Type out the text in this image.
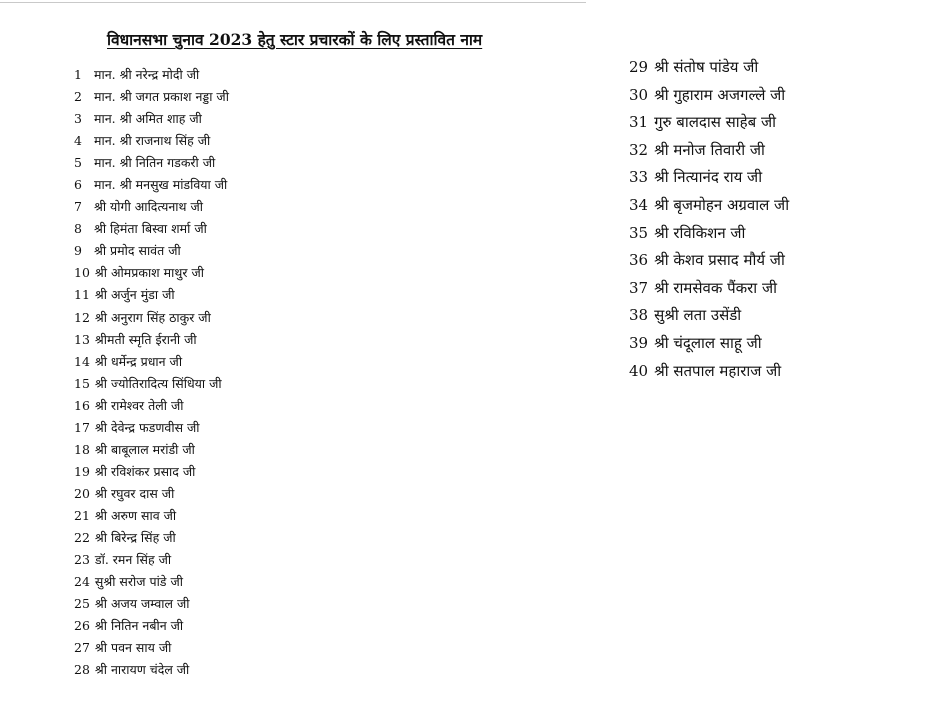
विधानसभा चुनाव 2023 हेतु स्टार प्रचारकों के लिए प्रस्तावित नाम
1 मान. श्री नरेन्द्र मोदी जी
2 मान. श्री जगत प्रकाश नड्डा जी
3 मान. श्री अमित शाह जी
4 मान. श्री राजनाथ सिंह जी
5 मान. श्री नितिन गडकरी जी
6 मान. श्री मनसुख मांडविया जी
7 श्री योगी आदित्यनाथ जी
8 श्री हिमंता बिस्वा शर्मा जी
9 श्री प्रमोद सावंत जी
10 श्री ओमप्रकाश माथुर जी
11 श्री अर्जुन मुंडा जी
12 श्री अनुराग सिंह ठाकुर जी
13 श्रीमती स्मृति ईरानी जी
14 श्री धर्मेन्द्र प्रधान जी
15 श्री ज्योतिरादित्य सिंधिया जी
16 श्री रामेश्वर तेली जी
17 श्री देवेन्द्र फडणवीस जी
18 श्री बाबूलाल मरांडी जी
19 श्री रविशंकर प्रसाद जी
20 श्री रघुवर दास जी
21 श्री अरुण साव जी
22 श्री बिरेन्द्र सिंह जी
23 डॉ. रमन सिंह जी
24 सुश्री सरोज पांडे जी
25 श्री अजय जम्वाल जी
26 श्री नितिन नबीन जी
27 श्री पवन साय जी
28 श्री नारायण चंदेल जी
29 श्री संतोष पांडेय जी
30 श्री गुहाराम अजगल्ले जी
31 गुरु बालदास साहेब जी
32 श्री मनोज तिवारी जी
33 श्री नित्यानंद राय जी
34 श्री बृजमोहन अग्रवाल जी
35 श्री रविकिशन जी
36 श्री केशव प्रसाद मौर्य जी
37 श्री रामसेवक पैंकरा जी
38 सुश्री लता उसेंडी
39 श्री चंदूलाल साहू जी
40 श्री सतपाल महाराज जी
